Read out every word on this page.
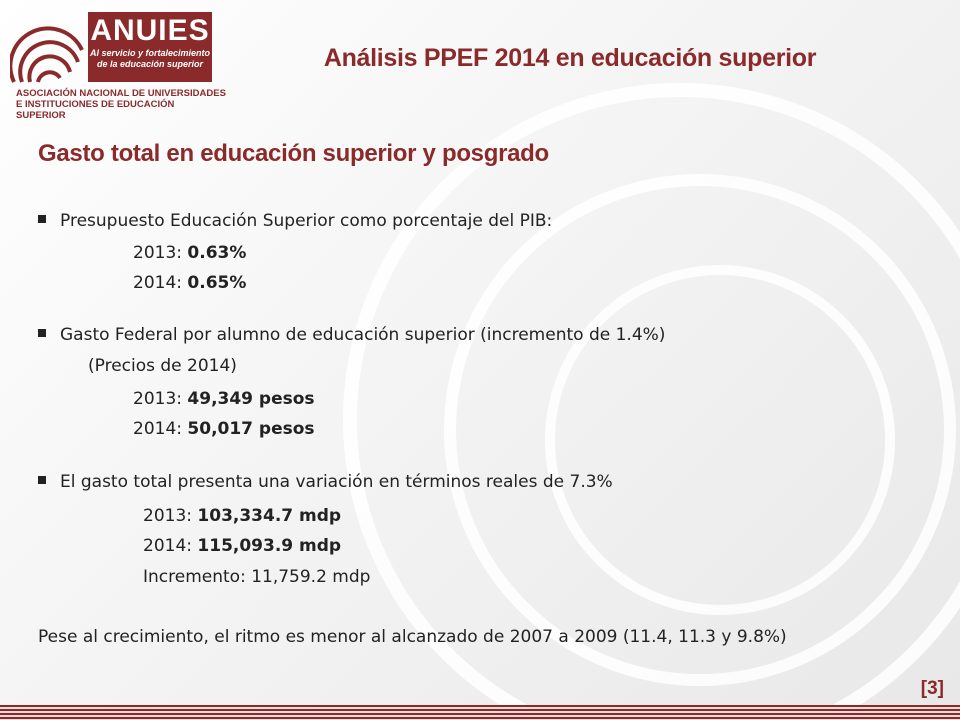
ANUIES
Al servicio y fortalecimiento
de la educación superior
ASOCIACIÓN NACIONAL DE UNIVERSIDADES
E INSTITUCIONES DE EDUCACIÓN SUPERIOR
Análisis PPEF 2014 en educación superior
Gasto total en educación superior y posgrado
Presupuesto Educación Superior como porcentaje del PIB:
2013: 0.63%
2014: 0.65%
Gasto Federal por alumno de educación superior (incremento de 1.4%)
(Precios de 2014)
2013: 49,349 pesos
2014: 50,017 pesos
El gasto total presenta una variación en términos reales de 7.3%
2013: 103,334.7 mdp
2014: 115,093.9 mdp
Incremento: 11,759.2 mdp
Pese al crecimiento, el ritmo es menor al alcanzado de 2007 a 2009 (11.4, 11.3 y 9.8%)
[3]
